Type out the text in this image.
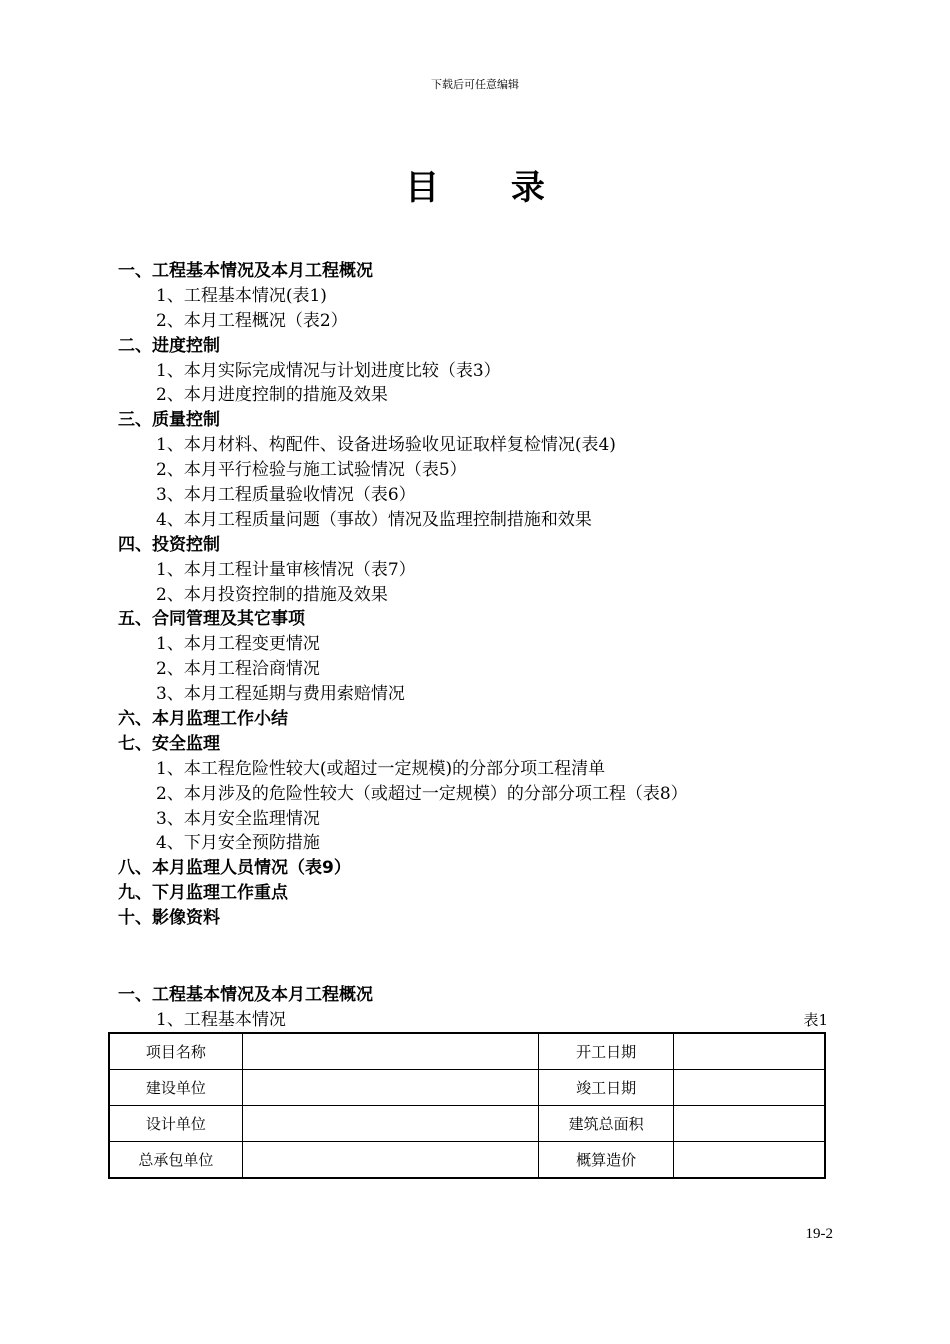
下载后可任意编辑
目 录
一、工程基本情况及本月工程概况
1、工程基本情况(表1)
2、本月工程概况（表2）
二、进度控制
1、本月实际完成情况与计划进度比较（表3）
2、本月进度控制的措施及效果
三、质量控制
1、本月材料、构配件、设备进场验收见证取样复检情况(表4)
2、本月平行检验与施工试验情况（表5）
3、本月工程质量验收情况（表6）
4、本月工程质量问题（事故）情况及监理控制措施和效果
四、投资控制
1、本月工程计量审核情况（表7）
2、本月投资控制的措施及效果
五、合同管理及其它事项
1、本月工程变更情况
2、本月工程洽商情况
3、本月工程延期与费用索赔情况
六、本月监理工作小结
七、安全监理
1、本工程危险性较大(或超过一定规模)的分部分项工程清单
2、本月涉及的危险性较大（或超过一定规模）的分部分项工程（表8）
3、本月安全监理情况
4、下月安全预防措施
八、本月监理人员情况（表9）
九、下月监理工作重点
十、影像资料
一、工程基本情况及本月工程概况
1、工程基本情况	表1
项目名称		开工日期	
建设单位		竣工日期	
设计单位		建筑总面积	
总承包单位		概算造价	
19-2
